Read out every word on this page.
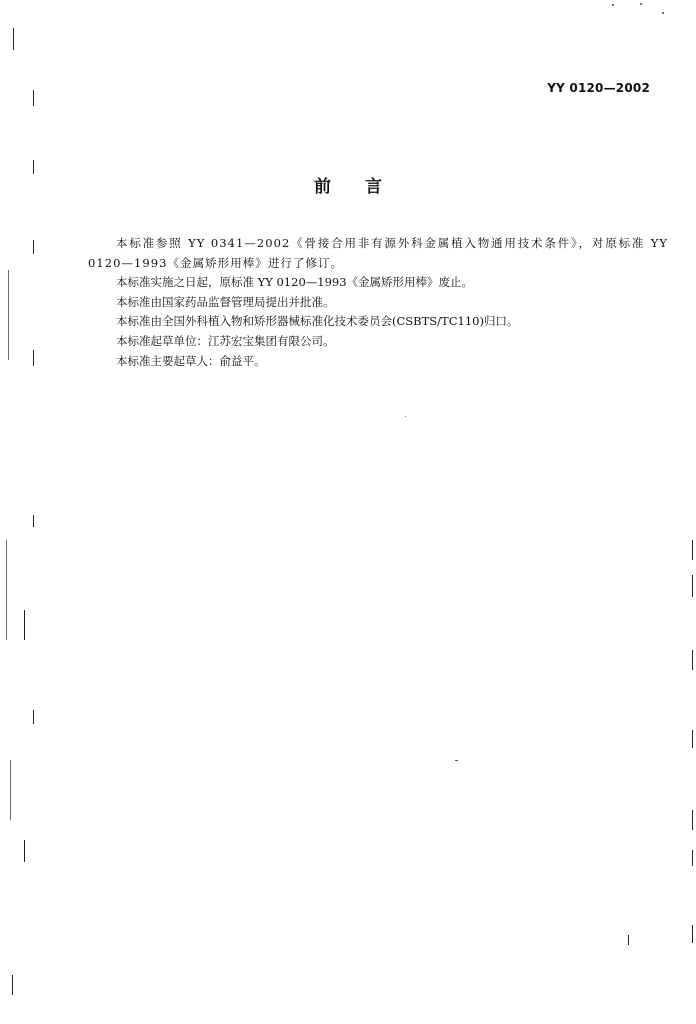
YY 0120—2002
前 言

本标准参照 YY 0341—2002《骨接合用非有源外科金属植入物通用技术条件》，对原标准 YY 0120—1993《金属矫形用棒》进行了修订。

本标准实施之日起，原标准 YY 0120—1993《金属矫形用棒》废止。

本标准由国家药品监督管理局提出并批准。

本标准由全国外科植入物和矫形器械标准化技术委员会(CSBTS/TC110)归口。

本标准起草单位：江苏宏宝集团有限公司。

本标准主要起草人：俞益平。
